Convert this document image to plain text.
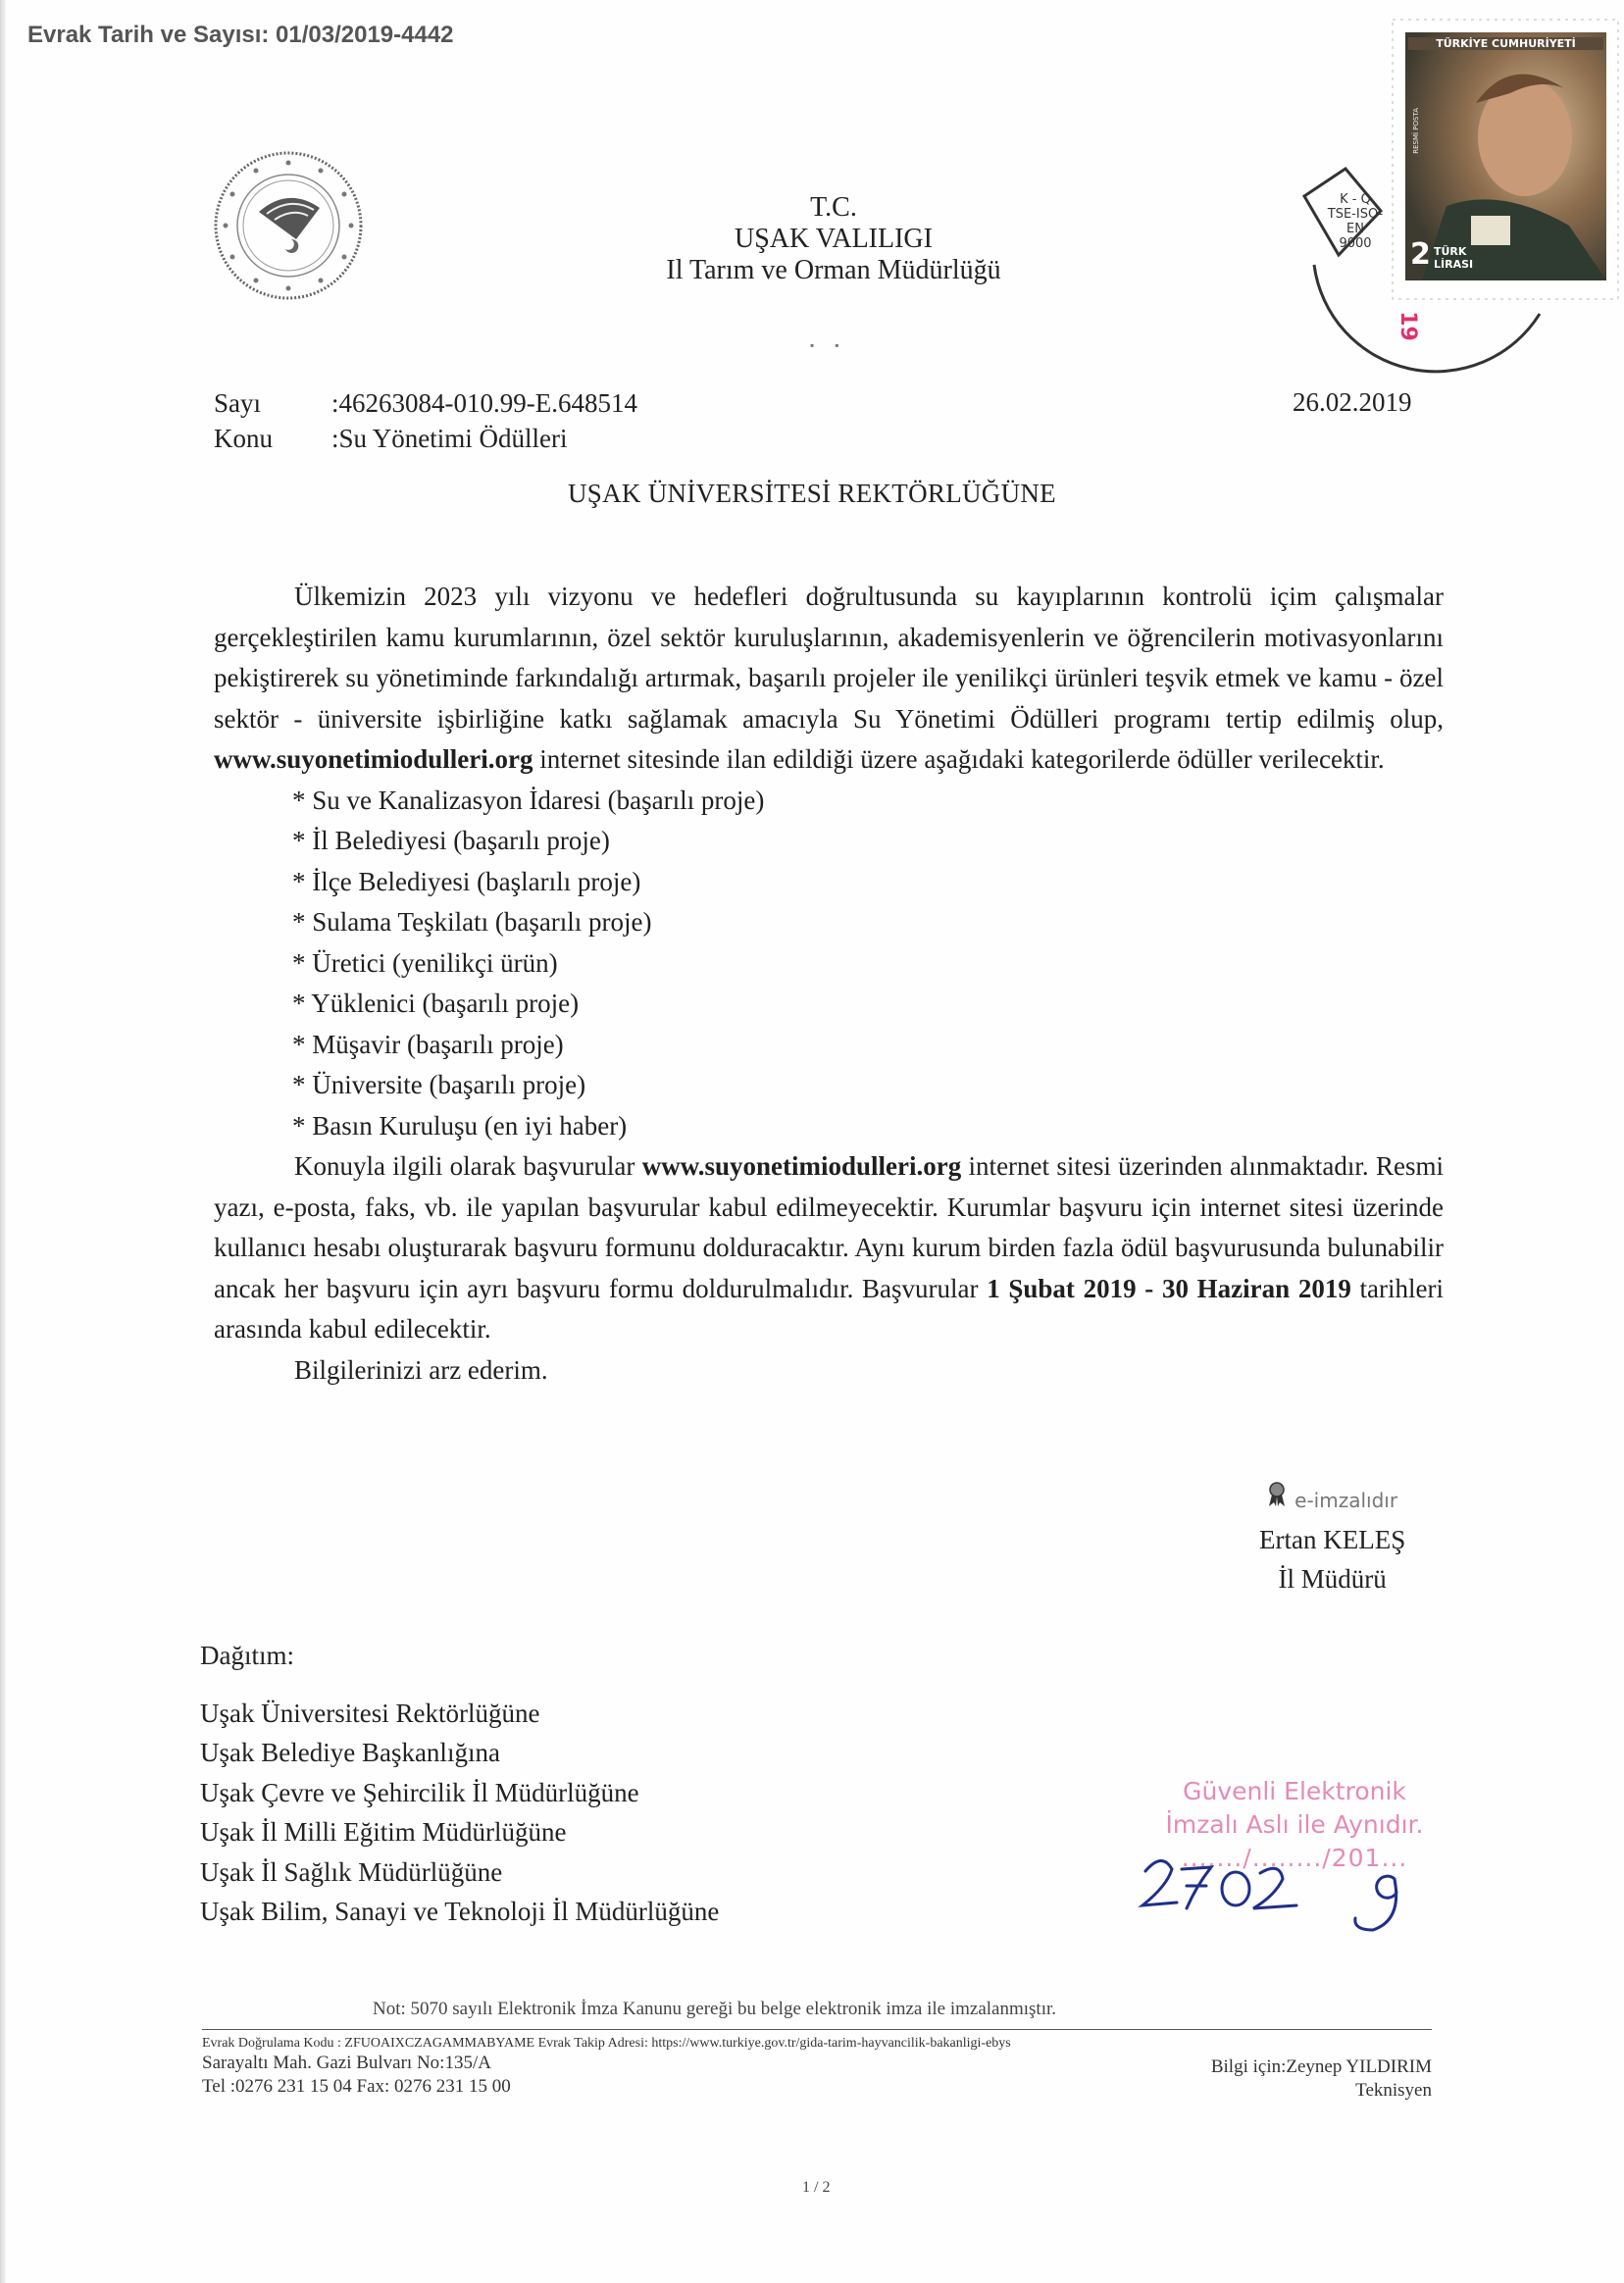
Evrak Tarih ve Sayısı: 01/03/2019-4442
T.C.
UŞAK VALILIGI
Il Tarım ve Orman Müdürlüğü
TÜRKİYE CUMHURİYETİ
RESMİ POSTA
2 TÜRK
LİRASI
K - Q
TSE-ISO-EN
9000
19
▪       ▪
Sayı	:46263084-010.99-E.648514
Konu	:Su Yönetimi Ödülleri
26.02.2019
UŞAK ÜNİVERSİTESİ REKTÖRLÜĞÜNE

Ülkemizin 2023 yılı vizyonu ve hedefleri doğrultusunda su kayıplarının kontrolü içim çalışmalar gerçekleştirilen kamu kurumlarının, özel sektör kuruluşlarının, akademisyenlerin ve öğrencilerin motivasyonlarını pekiştirerek su yönetiminde farkındalığı artırmak, başarılı projeler ile yenilikçi ürünleri teşvik etmek ve kamu - özel sektör - üniversite işbirliğine katkı sağlamak amacıyla Su Yönetimi Ödülleri programı tertip edilmiş olup, www.suyonetimiodulleri.org internet sitesinde ilan edildiği üzere aşağıdaki kategorilerde ödüller verilecektir.

* Su ve Kanalizasyon İdaresi (başarılı proje)
* İl Belediyesi (başarılı proje)
* İlçe Belediyesi (başlarılı proje)
* Sulama Teşkilatı (başarılı proje)
* Üretici (yenilikçi ürün)
* Yüklenici (başarılı proje)
* Müşavir (başarılı proje)
* Üniversite (başarılı proje)
* Basın Kuruluşu (en iyi haber)

Konuyla ilgili olarak başvurular www.suyonetimiodulleri.org internet sitesi üzerinden alınmaktadır. Resmi yazı, e-posta, faks, vb. ile yapılan başvurular kabul edilmeyecektir. Kurumlar başvuru için internet sitesi üzerinde kullanıcı hesabı oluşturarak başvuru formunu dolduracaktır. Aynı kurum birden fazla ödül başvurusunda bulunabilir ancak her başvuru için ayrı başvuru formu doldurulmalıdır. Başvurular 1 Şubat 2019 - 30 Haziran 2019 tarihleri arasında kabul edilecektir.

Bilgilerinizi arz ederim.

e-imzalıdır
Ertan KELEŞ
İl Müdürü
Dağıtım:
Uşak Üniversitesi Rektörlüğüne
Uşak Belediye Başkanlığına
Uşak Çevre ve Şehircilik İl Müdürlüğüne
Uşak İl Milli Eğitim Müdürlüğüne
Uşak İl Sağlık Müdürlüğüne
Uşak Bilim, Sanayi ve Teknoloji İl Müdürlüğüne
Güvenli Elektronik
İmzalı Aslı ile Aynıdır.
......./......../201...
Not: 5070 sayılı Elektronik İmza Kanunu gereği bu belge elektronik imza ile imzalanmıştır.
Evrak Doğrulama Kodu : ZFUOAIXCZAGAMMABYAME Evrak Takip Adresi: https://www.turkiye.gov.tr/gida-tarim-hayvancilik-bakanligi-ebys
Sarayaltı Mah. Gazi Bulvarı No:135/A
Tel :0276 231 15 04 Fax: 0276 231 15 00
Bilgi için:Zeynep YILDIRIM
Teknisyen
1 / 2
